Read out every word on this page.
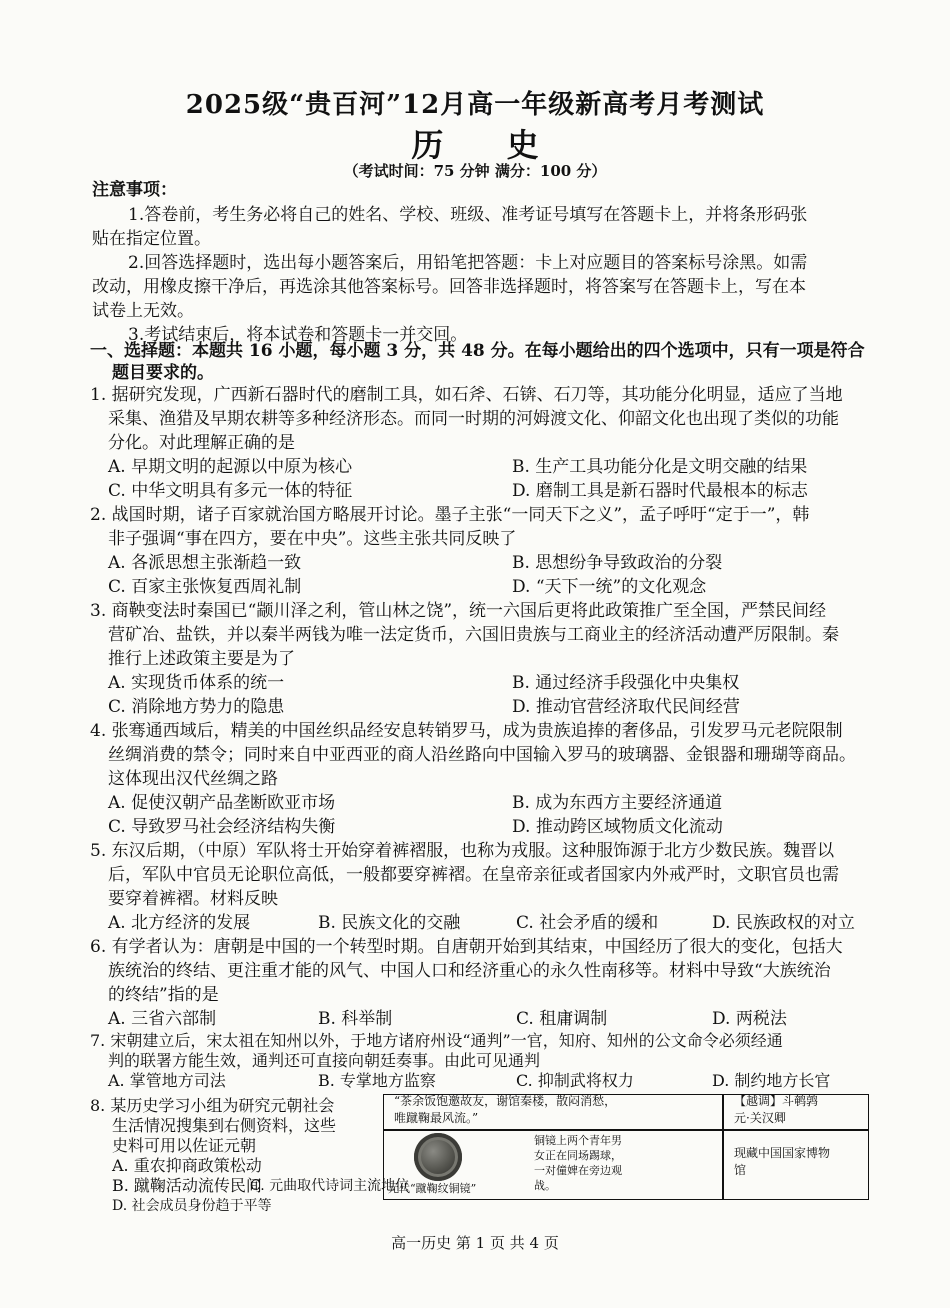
2025级“贵百河”12月高一年级新高考月考测试
历 史
（考试时间：75 分钟 满分：100 分）
注意事项：
1.答卷前，考生务必将自己的姓名、学校、班级、准考证号填写在答题卡上，并将条形码张
贴在指定位置。
2.回答选择题时，选出每小题答案后，用铅笔把答题：卡上对应题目的答案标号涂黑。如需
改动，用橡皮擦干净后，再选涂其他答案标号。回答非选择题时，将答案写在答题卡上，写在本
试卷上无效。
3.考试结束后，将本试卷和答题卡一并交回。
一、选择题：本题共 16 小题，每小题 3 分，共 48 分。在每小题给出的四个选项中，只有一项是符合
题目要求的。
1. 据研究发现，广西新石器时代的磨制工具，如石斧、石锛、石刀等，其功能分化明显，适应了当地
采集、渔猎及早期农耕等多种经济形态。而同一时期的河姆渡文化、仰韶文化也出现了类似的功能
分化。对此理解正确的是
A. 早期文明的起源以中原为核心	B. 生产工具功能分化是文明交融的结果
C. 中华文明具有多元一体的特征	D. 磨制工具是新石器时代最根本的标志
2. 战国时期，诸子百家就治国方略展开讨论。墨子主张“一同天下之义”，孟子呼吁“定于一”，韩
非子强调“事在四方，要在中央”。这些主张共同反映了
A. 各派思想主张渐趋一致	B. 思想纷争导致政治的分裂
C. 百家主张恢复西周礼制	D. “天下一统”的文化观念
3. 商鞅变法时秦国已“颛川泽之利，管山林之饶”，统一六国后更将此政策推广至全国，严禁民间经
营矿冶、盐铁，并以秦半两钱为唯一法定货币，六国旧贵族与工商业主的经济活动遭严厉限制。秦
推行上述政策主要是为了
A. 实现货币体系的统一	B. 通过经济手段强化中央集权
C. 消除地方势力的隐患	D. 推动官营经济取代民间经营
4. 张骞通西域后，精美的中国丝织品经安息转销罗马，成为贵族追捧的奢侈品，引发罗马元老院限制
丝绸消费的禁令；同时来自中亚西亚的商人沿丝路向中国输入罗马的玻璃器、金银器和珊瑚等商品。
这体现出汉代丝绸之路
A. 促使汉朝产品垄断欧亚市场	B. 成为东西方主要经济通道
C. 导致罗马社会经济结构失衡	D. 推动跨区域物质文化流动
5. 东汉后期，（中原）军队将士开始穿着裤褶服，也称为戎服。这种服饰源于北方少数民族。魏晋以
后，军队中官员无论职位高低，一般都要穿裤褶。在皇帝亲征或者国家内外戒严时，文职官员也需
要穿着裤褶。材料反映
A. 北方经济的发展	B. 民族文化的交融	C. 社会矛盾的缓和	D. 民族政权的对立
6. 有学者认为：唐朝是中国的一个转型时期。自唐朝开始到其结束，中国经历了很大的变化，包括大
族统治的终结、更注重才能的风气、中国人口和经济重心的永久性南移等。材料中导致“大族统治
的终结”指的是
A. 三省六部制	B. 科举制	C. 租庸调制	D. 两税法
7. 宋朝建立后，宋太祖在知州以外，于地方诸府州设“通判”一官，知府、知州的公文命令必须经通
判的联署方能生效，通判还可直接向朝廷奏事。由此可见通判
A. 掌管地方司法	B. 专掌地方监察	C. 抑制武将权力	D. 制约地方长官
8. 某历史学习小组为研究元朝社会
生活情况搜集到右侧资料，这些
史料可用以佐证元朝
A. 重农抑商政策松动
B. 蹴鞠活动流传民间
“茶余饭饱邀故友，谢馆秦楼，散闷消愁，
唯蹴鞠最风流。”
【越调】斗鹌鹑
元·关汉卿
元代“蹴鞠纹铜镜”
铜镜上两个青年男
女正在同场踢球，
一对僮婢在旁边观
战。
现藏中国国家博物
馆
C. 元曲取代诗词主流地位
D. 社会成员身份趋于平等
高一历史 第 1 页 共 4 页
